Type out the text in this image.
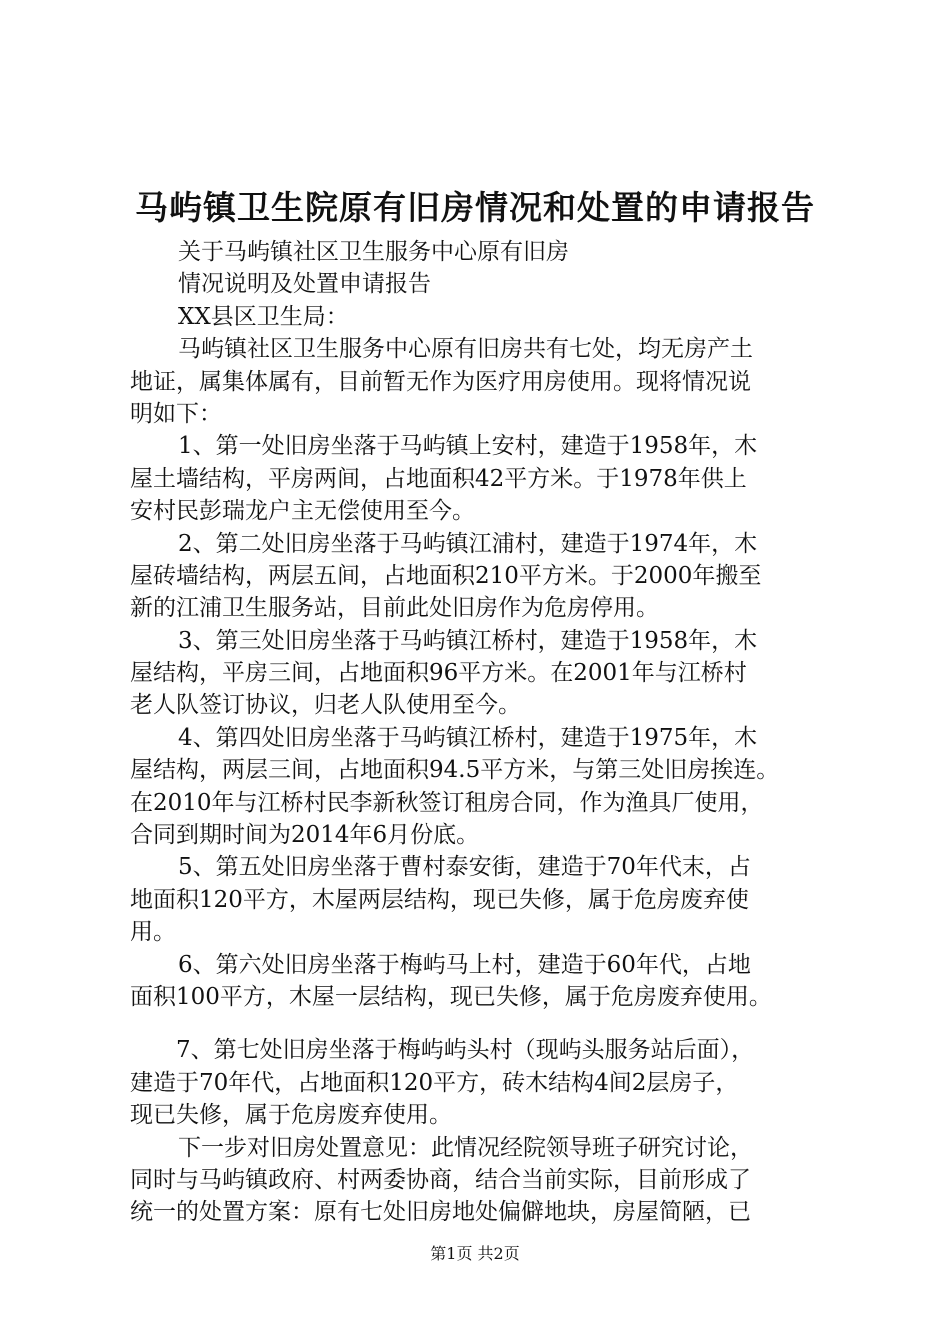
马屿镇卫生院原有旧房情况和处置的申请报告
关于马屿镇社区卫生服务中心原有旧房
情况说明及处置申请报告
XX县区卫生局：
马屿镇社区卫生服务中心原有旧房共有七处，均无房产土
地证，属集体属有，目前暂无作为医疗用房使用。现将情况说
明如下：
1、第一处旧房坐落于马屿镇上安村，建造于1958年，木
屋土墙结构，平房两间，占地面积42平方米。于1978年供上
安村民彭瑞龙户主无偿使用至今。
2、第二处旧房坐落于马屿镇江浦村，建造于1974年，木
屋砖墙结构，两层五间，占地面积210平方米。于2000年搬至
新的江浦卫生服务站，目前此处旧房作为危房停用。
3、第三处旧房坐落于马屿镇江桥村，建造于1958年，木
屋结构，平房三间，占地面积96平方米。在2001年与江桥村
老人队签订协议，归老人队使用至今。
4、第四处旧房坐落于马屿镇江桥村，建造于1975年，木
屋结构，两层三间，占地面积94.5平方米，与第三处旧房挨连。
在2010年与江桥村民李新秋签订租房合同，作为渔具厂使用，
合同到期时间为2014年6月份底。
5、第五处旧房坐落于曹村泰安街，建造于70年代末，占
地面积120平方，木屋两层结构，现已失修，属于危房废弃使
用。
6、第六处旧房坐落于梅屿马上村，建造于60年代，占地
面积100平方，木屋一层结构，现已失修，属于危房废弃使用。
7、第七处旧房坐落于梅屿屿头村（现屿头服务站后面），
建造于70年代，占地面积120平方，砖木结构4间2层房子，
现已失修，属于危房废弃使用。
下一步对旧房处置意见：此情况经院领导班子研究讨论，
同时与马屿镇政府、村两委协商，结合当前实际，目前形成了
统一的处置方案：原有七处旧房地处偏僻地块，房屋简陋，已
第1页 共2页
